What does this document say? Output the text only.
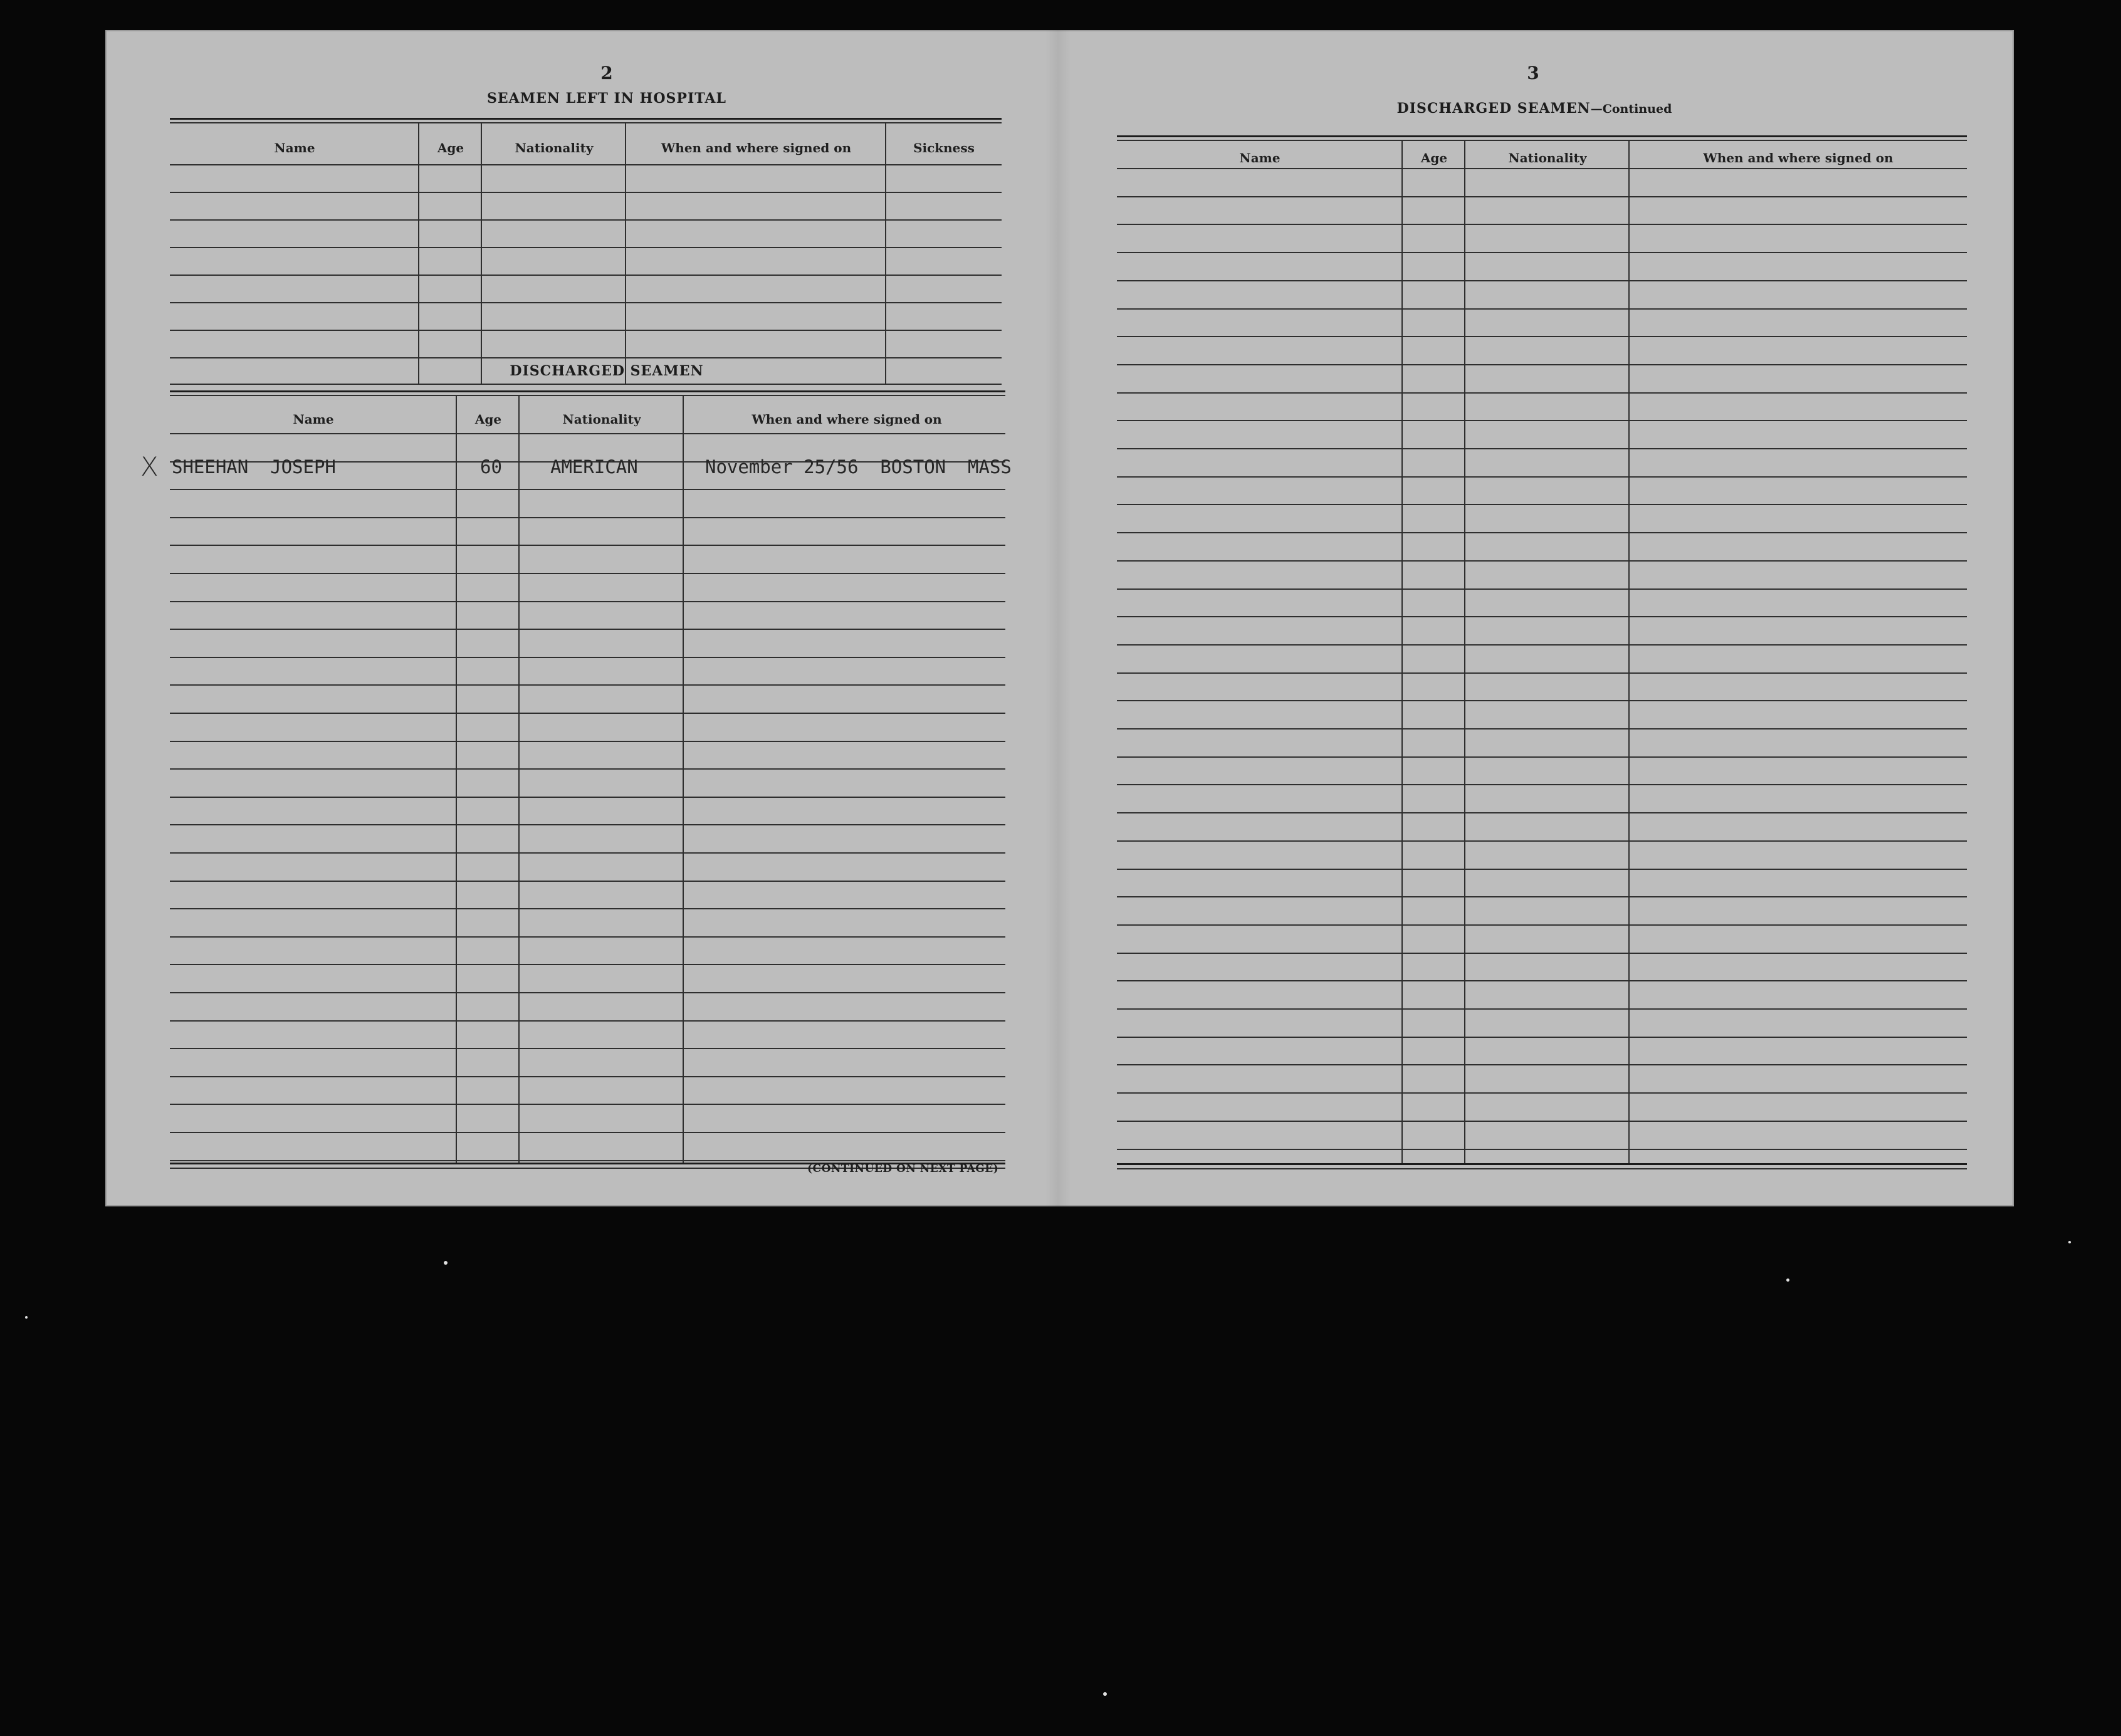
2
SEAMEN LEFT IN HOSPITAL
Name	Age	Nationality	When and where signed on	Sickness
DISCHARGED SEAMEN
Name	Age	Nationality	When and where signed on
X SHEEHAN  JOSEPH	60	AMERICAN	November 25/56  BOSTON  MASS
(CONTINUED ON NEXT PAGE)
3
DISCHARGED SEAMEN—Continued
Name	Age	Nationality	When and where signed on
